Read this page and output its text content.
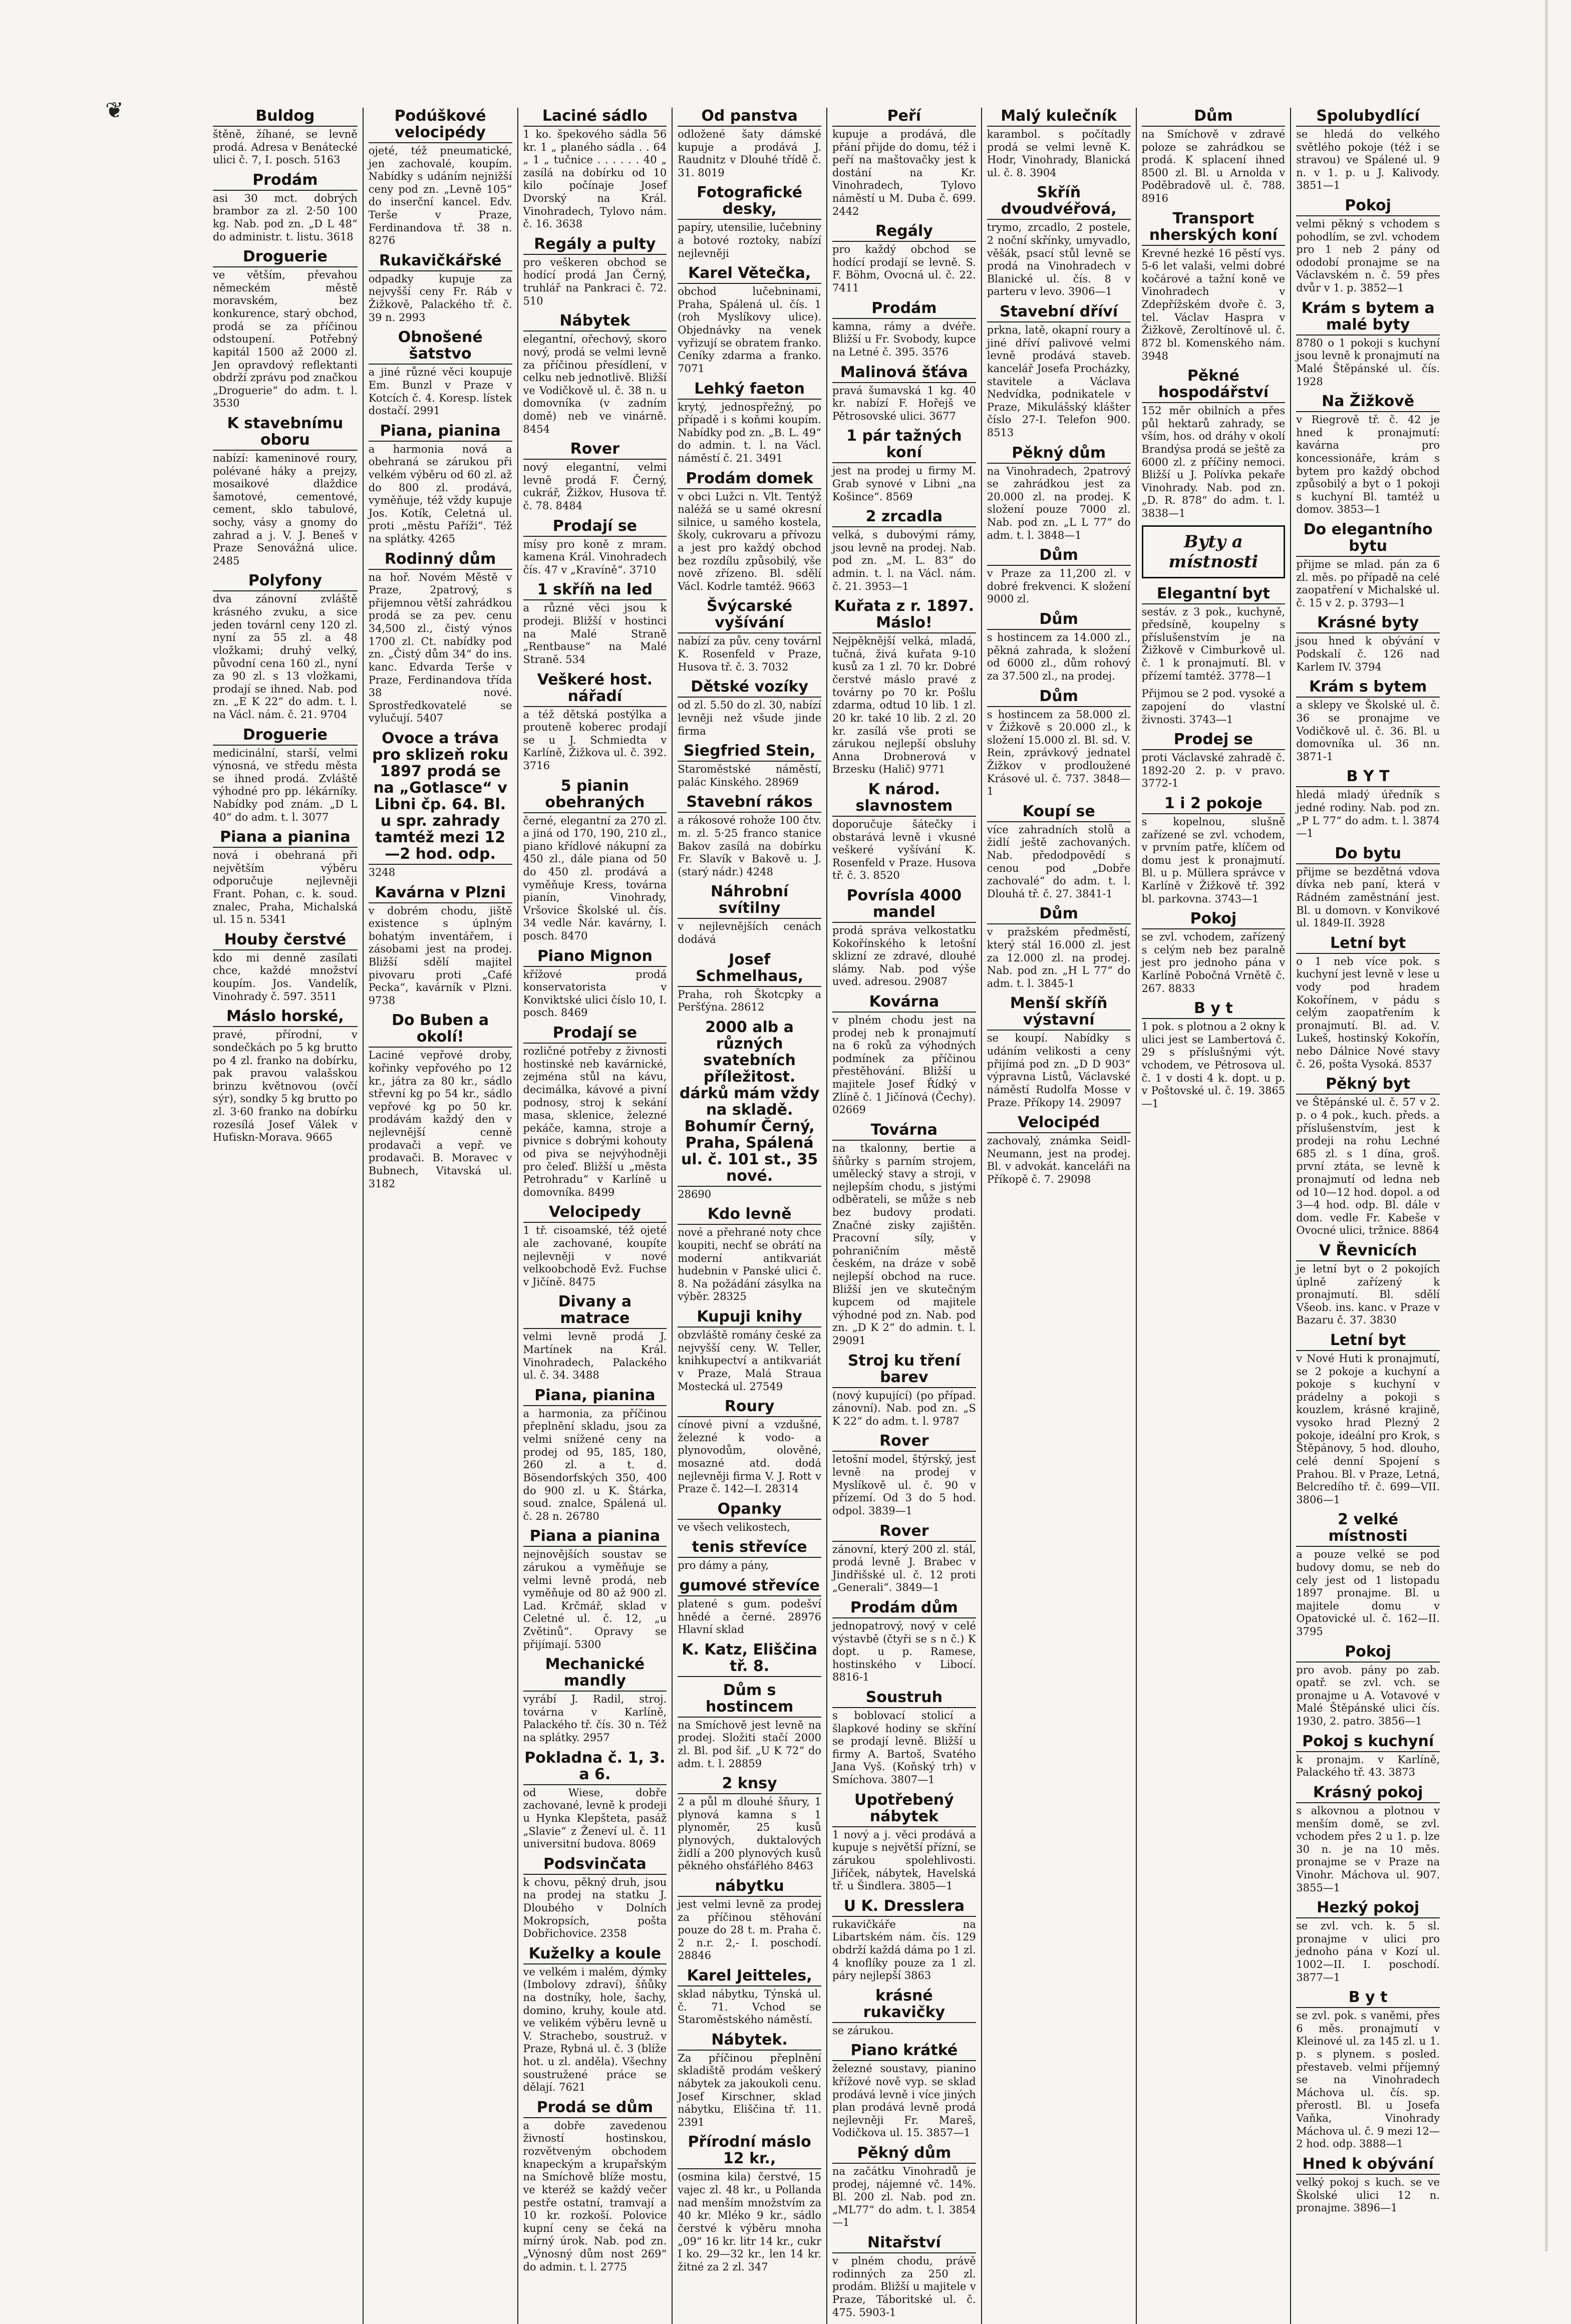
❦	Buldog
štěně, žíhané, se levně prodá. Adresa v Benátecké ulici č. 7, I. posch. 5163
Prodám
asi 30 mct. dobrých brambor za zl. 2·50 100 kg. Nab. pod zn. „D L 48“ do administr. t. listu. 3618
Droguerie
ve větším, převahou německém městě moravském, bez konkurence, starý obchod, prodá se za příčinou odstoupení. Potřebný kapitál 1500 až 2000 zl. Jen opravdový reflektanti obdrží zprávu pod značkou „Droguerie“ do adm. t. l. 3530
K stavebnímu oboru
nabízí: kameninové roury, polévané háky a prejzy, mosaikové dlaždice šamotové, cementové, cement, sklo tabulové, sochy, vásy a gnomy do zahrad a j. V. J. Beneš v Praze Senovážná ulice. 2485
Polyfony
dva zánovní zvláště krásného zvuku, a sice jeden továrnl ceny 120 zl. nyní za 55 zl. a 48 vložkami; druhý velký, původní cena 160 zl., nyní za 90 zl. s 13 vložkami, prodají se ihned. Nab. pod zn. „E K 22“ do adm. t. l. na Václ. nám. č. 21. 9704
Droguerie
medicinální, starší, velmi výnosná, ve středu města se ihned prodá. Zvláště výhodné pro pp. lékárníky. Nabídky pod znám. „D L 40“ do adm. t. l. 3077
Piana a pianina
nová i obehraná při největším výběru odporučuje nejlevněji Frant. Pohan, c. k. soud. znalec, Praha, Michalská ul. 15 n. 5341
Houby čerstvé
kdo mi denně zasílati chce, každé množství koupím. Jos. Vandelík, Vinohrady č. 597. 3511
Máslo horské,
pravé, přírodní, v sondečkách po 5 kg brutto po 4 zl. franko na dobírku, pak pravou valašskou brinzu květnovou (ovčí sýr), sondky 5 kg brutto po zl. 3·60 franko na dobírku rozesílá Josef Válek v Huťiskn-Morava. 9665
Podúškové velocipédy
ojeté, též pneumatické, jen zachovalé, koupím. Nabídky s udáním nejnižší ceny pod zn. „Levně 105“ do inserční kancel. Edv. Terše v Praze, Ferdinandova tř. 38 n. 8276
Rukavičkářské
odpadky kupuje za nejvyšší ceny Fr. Ráb v Žižkově, Palackého tř. č. 39 n. 2993
Obnošené šatstvo
a jiné různé věci koupuje Em. Bunzl v Praze v Kotcích č. 4. Koresp. lístek dostačí. 2991
Piana, pianina
a harmonia nová a obehraná se zárukou při velkém výběru od 60 zl. až do 800 zl. prodává, vyměňuje, též vždy kupuje Jos. Kotík, Celetná ul. proti „městu Paříži“. Též na splátky. 4265
Rodinný dům
na hoř. Novém Městě v Praze, 2patrový, s přijemnou větší zahrádkou prodá se za pev. cenu 34,500 zl., čistý výnos 1700 zl. Ct. nabídky pod zn. „Čistý dům 34“ do ins. kanc. Edvarda Terše v Praze, Ferdinandova třída 38 nové. Sprostředkovatelé se vylučují. 5407
Ovoce a tráva pro sklizeň roku 1897 prodá se na „Gotlasce“ v Libni čp. 64. Bl. u spr. zahrady tamtéž mezi 12—2 hod. odp.
3248
Kavárna v Plzni
v dobrém chodu, jiště existence s úplným bohatým inventářem, i zásobami jest na prodej. Bližší sdělí majitel pivovaru proti „Café Pecka“, kavárník v Plzni. 9738
Do Buben a okolí!
Laciné vepřové droby, kořinky vepřového po 12 kr., játra za 80 kr., sádlo střevní kg po 54 kr., sádlo vepřové kg po 50 kr. prodávám každý den v nejlevnější cenně prodavači a vepř. ve prodavači. B. Moravec v Bubnech, Vitavská ul. 3182
Laciné sádlo
1 ko. špekového sádla 56 kr. 1 „ planého sádla . . 64 „ 1 „ tučnice . . . . . . 40 „ zasílá na dobírku od 10 kilo počínaje Josef Dvorský na Král. Vinohradech, Tylovo nám. č. 16. 3638
Regály a pulty
pro veškeren obchod se hodící prodá Jan Černý, truhlář na Pankraci č. 72. 510
Nábytek
elegantní, ořechový, skoro nový, prodá se velmi levně za příčinou přesídlení, v celku neb jednotlivě. Bližší ve Vodičkově ul. č. 38 n. u domovníka (v zadním domě) neb ve vinárně. 8454
Rover
nový elegantní, velmi levně prodá F. Černý, cukrář, Žižkov, Husova tř. č. 78. 8484
Prodají se
mísy pro koně z mram. kamena Král. Vinohradech čís. 47 v „Kravíně“. 3710
1 skříň na led
a různé věci jsou k prodeji. Bližší v hostinci na Malé Straně „Rentbause“ na Malé Straně. 534
Veškeré host. nářadí
a též dětská postýlka a prouteně koberec prodají se u J. Schmiedta v Karlíně, Žižkova ul. č. 392. 3716
5 pianin obehraných
černé, elegantní za 270 zl. a jiná od 170, 190, 210 zl., piano křídlové nákupní za 450 zl., dále piana od 50 do 450 zl. prodává a vyměňuje Kress, továrna pianín, Vinohrady, Vršovice Školské ul. čís. 34 vedle Nár. kavárny, I. posch. 8470
Piano Mignon
křížové prodá konservatorista v Konviktské ulici číslo 10, I. posch. 8469
Prodají se
rozličné potřeby z živnosti hostinské neb kavárnické, zejména stůl na kávu, decimálka, kávové a pivní podnosy, stroj k sekání masa, sklenice, železné pekáče, kamna, stroje a pivnice s dobrými kohouty od piva se nejvýhodněji pro čeleď. Bližší u „města Petrohradu“ v Karlíně u domovníka. 8499
Velocipedy
1 tř. cisoamské, též ojeté ale zachované, koupíte nejlevněji v nové velkoobchodě Evž. Fuchse v Jičíně. 8475
Divany a matrace
velmi levně prodá J. Martínek na Král. Vinohradech, Palackého ul. č. 34. 3488
Piana, pianina
a harmonia, za příčinou přeplnění skladu, jsou za velmi snížené ceny na prodej od 95, 185, 180, 260 zl. a t. d. Bösendorfských 350, 400 do 900 zl. u K. Štárka, soud. znalce, Spálená ul. č. 28 n. 26780
Piana a pianina
nejnovějších soustav se zárukou a vyměňuje se velmi levně prodá, neb vyměňuje od 80 až 900 zl. Lad. Krčmář, sklad v Celetné ul. č. 12, „u Zvětinů“. Opravy se přijímají. 5300
Mechanické mandly
vyrábí J. Radil, stroj. továrna v Karlíně, Palackého tř. čís. 30 n. Též na splátky. 2957
Pokladna č. 1, 3. a 6.
od Wiese, dobře zachované, levně k prodeji u Hynka Klepšteta, pasáž „Slavie“ z Ženeví ul. č. 11 universitní budova. 8069
Podsvinčata
k chovu, pěkný druh, jsou na prodej na statku J. Dloubého v Dolních Mokropsích, pošta Dobřichovice. 2358
Kuželky a koule
ve velkém i malém, dýmky (Imbolovy zdraví), šňůky na dostníky, hole, šachy, domino, kruhy, koule atd. ve velikém výběru levně u V. Strachebo, soustruž. v Praze, Rybná ul. č. 3 (blíže hot. u zl. anděla). Všechny soustružené práce se dělají. 7621
Prodá se dům
a dobře zavedenou živností hostinskou, rozvětveným obchodem knapeckým a krupařským na Smíchově blíže mostu, ve kteréž se každý večer pestře ostatní, tramvají a 10 kr. rozkoší. Polovice kupní ceny se čeká na mírný úrok. Nab. pod zn. „Výnosný dům nost 269“ do admin. t. l. 2775
Od panstva
odložené šaty dámské kupuje a prodává J. Raudnitz v Dlouhé třídě č. 31. 8019
Fotografické desky,
papíry, utensilie, lučebniny a botové roztoky, nabízí nejlevněji
Karel Větečka,
obchod lučebninami, Praha, Spálená ul. čís. 1 (roh Myslíkovy ulice). Objednávky na venek vyřizují se obratem franko. Ceníky zdarma a franko. 7071
Lehký faeton
krytý, jednospřežný, po případě i s koňmi koupím. Nabídky pod zn. „B. L. 49“ do admin. t. l. na Václ. náměstí č. 21. 3491
Prodám domek
v obci Lužci n. Vlt. Tentýž naléžá se u samé okresní silnice, u samého kostela, školy, cukrovaru a přívozu a jest pro každý obchod bez rozdílu způsobilý, vše nově zřízeno. Bl. sdělí Václ. Kodrle tamtéž. 9663
Švýcarské vyšívání
nabízí za pův. ceny továrnl K. Rosenfeld v Praze, Husova tř. č. 3. 7032
Dětské vozíky
od zl. 5.50 do zl. 30, nabízí levněji než všude jinde firma
Siegfried Stein,
Staroměstské náměstí, palác Kinského. 28969
Stavební rákos
a rákosové rohože 100 čtv. m. zl. 5·25 franco stanice Bakov zasílá na dobírku Fr. Slavík v Bakově u. J. (starý nádr.) 4248
Náhrobní svítilny
v nejlevnějších cenách dodává
Josef Schmelhaus,
Praha, roh Škotcpky a Peršťýna. 28612
2000 alb a různých svatebních příležitost. dárků mám vždy na skladě. Bohumír Černý, Praha, Spálená ul. č. 101 st., 35 nové.
28690
Kdo levně
nové a přehrané noty chce koupiti, nechť se obrátí na moderní antikvariát hudebnin v Panské ulici č. 8. Na požádání zásylka na výběr. 28325
Kupuji knihy
obzvláště romány české za nejvyšší ceny. W. Teller, knihkupectví a antikvariát v Praze, Malá Straua Mostecká ul. 27549
Roury
cínové pivní a vzdušné, železné k vodo- a plynovodům, olověné, mosazné atd. dodá nejlevněji firma V. J. Rott v Praze č. 142—I. 28314
Opanky
ve všech velikostech,
tenis střevíce
pro dámy a pány,
gumové střevíce
platené s gum. podešví hnědé a černé. 28976 Hlavní sklad
K. Katz, Eliščina tř. 8.
Dům s hostincem
na Smíchově jest levně na prodej. Složiti stačí 2000 zl. Bl. pod šif. „U K 72“ do adm. t. l. 28859
2 knsy
2 a půl m dlouhé šňury, 1 plynová kamna s 1 plynoměr, 25 kusů plynových, duktalových židlí a 200 plynových kusů pěkného ohsťářlého 8463
nábytku
jest velmi levně za prodej za příčinou stěhování pouze do 28 t. m. Praha č. 2 n.r. 2,- I. poschodí. 28846
Karel Jeitteles,
sklad nábytku, Týnská ul. č. 71. Vchod se Staroměstského náměstí.
Nábytek.
Za příčinou přeplnění skladiště prodám veškerý nábytek za jakoukoli cenu. Josef Kirschner, sklad nábytku, Eliščina tř. 11. 2391
Přírodní máslo 12 kr.,
(osmina kila) čerstvé, 15 vajec zl. 48 kr., u Pollanda nad menším množstvím za 40 kr. Mléko 9 kr., sádlo čerstvé k výběru mnoha „09“ 16 kr. litr 14 kr., cukr I ko. 29—32 kr., len 14 kr. žitné za 2 zl. 347
Peří
kupuje a prodává, dle přání přijde do domu, též i peří na maštovačky jest k dostání na Kr. Vinohradech, Tylovo náměstí u M. Duba č. 699. 2442
Regály
pro každý obchod se hodící prodají se levně. S. F. Böhm, Ovocná ul. č. 22. 7411
Prodám
kamna, rámy a dvéře. Bližší u Fr. Svobody, kupce na Letné č. 395. 3576
Malinová šťáva
pravá šumavská 1 kg. 40 kr. nabízí F. Hořejš ve Pětrosovské ulici. 3677
1 pár tažných koní
jest na prodej u firmy M. Grab synové v Libni „na Košince“. 8569
2 zrcadla
velká, s dubovými rámy, jsou levně na prodej. Nab. pod zn. „M. L. 83“ do admin. t. l. na Václ. nám. č. 21. 3953—1
Kuřata z r. 1897. Máslo!
Nejpěknější velká, mladá, tučná, živá kuřata 9-10 kusů za 1 zl. 70 kr. Dobré čerstvé máslo pravé z továrny po 70 kr. Pošlu zdarma, odtud 10 lib. 1 zl. 20 kr. také 10 lib. 2 zl. 20 kr. zasílá vše proti se zárukou nejlepší obsluhy Anna Drobnerová v Brzesku (Halič) 9771
K národ. slavnostem
doporučuje šátečky i obstarává levně i vkusné veškeré vyšívání K. Rosenfeld v Praze. Husova tř. č. 3. 8520
Povrísla 4000 mandel
prodá správa velkostatku Kokořínského k letošní sklizní ze zdravé, dlouhé slámy. Nab. pod výše uved. adresou. 29087
Kovárna
v plném chodu jest na prodej neb k pronajmutí na 6 roků za výhodných podmínek za příčinou přestěhování. Bližší u majitele Josef Řídký v Zlíně č. 1 Jičínová (Čechy). 02669
Továrna
na tkalonny, bertie a šňůrky s parním strojem, umělecký stavy a stroji, v nejlepším chodu, s jistými odběrateli, se může s neb bez budovy prodati. Značné zisky zajištěn. Pracovní síly, v pohraničním městě českém, na dráze v sobě nejlepší obchod na ruce. Bližší jen ve skutečným kupcem od majitele výhodné pod zn. Nab. pod zn. „D K 2“ do admin. t. l. 29091
Stroj ku tření barev
(nový kupující) (po případ. zánovní). Nab. pod zn. „S K 22“ do adm. t. l. 9787
Rover
letošní model, štýrský, jest levně na prodej v Myslíkově ul. č. 90 v přízemí. Od 3 do 5 hod. odpol. 3839—1
Rover
zánovní, který 200 zl. stál, prodá levně J. Brabec v Jindřišské ul. č. 12 proti „Generali“. 3849—1
Prodám dům
jednopatrový, nový v celé výstavbě (čtyři se s n č.) K dopt. u p. Ramese, hostinského v Libocí. 8816-1
Soustruh
s boblovací stolicí a šlapkové hodiny se skříní se prodají levně. Bližší u firmy A. Bartoš, Svatého Jana Vyš. (Koňský trh) v Smíchova. 3807—1
Upotřebený nábytek
1 nový a j. věci prodává a kupuje s největší přízní, se zárukou spolehlivosti. Jiříček, nábytek, Havelská tř. u Šindlera. 3805—1
U K. Dresslera
rukavičkáře na Libartském nám. čís. 129 obdrží každá dáma po 1 zl. 4 knoflíky pouze za 1 zl. páry nejlepší 3863
krásné rukavičky
se zárukou.
Piano krátké
železné soustavy, pianino křížové nově vyp. se sklad prodává levně i více jiných plan prodává levně prodá nejlevněji Fr. Mareš, Vodičkova ul. 15. 3857—1
Pěkný dům
na začátku Vinohradů je prodej, nájemné vč. 14%. Bl. 200 zl. Nab. pod zn. „ML77“ do adm. t. l. 3854—1
Nitařství
v plném chodu, právě rodinných za 250 zl. prodám. Bližší u majitele v Praze, Táboritské ul. č. 475. 5903-1
Malý kulečník
karambol. s počítadly prodá se velmi levně K. Hodr, Vinohrady, Blanická ul. č. 8. 3904
Skříň dvoudvéřová,
trymo, zrcadlo, 2 postele, 2 noční skřínky, umyvadlo, věšák, psací stůl levně se prodá na Vinohradech v Blanické ul. čís. 8 v parteru v levo. 3906—1
Stavební dříví
prkna, latě, okapní roury a jiné dříví palivové velmi levně prodává staveb. kancelář Josefa Procházky, stavitele a Václava Nedvídka, podnikatele v Praze, Mikulášský klášter číslo 27-I. Telefon 900. 8513
Pěkný dům
na Vinohradech, 2patrový se zahrádkou jest za 20.000 zl. na prodej. K složení pouze 7000 zl. Nab. pod zn. „L L 77“ do adm. t. l. 3848—1
Dům
v Praze za 11,200 zl. v dobré frekvenci. K složení 9000 zl.
Dům
s hostincem za 14.000 zl., pěkná zahrada, k složení od 6000 zl., dům rohový za 37.500 zl., na prodej.
Dům
s hostincem za 58.000 zl. v Žižkově s 20.000 zl., k složení 15.000 zl. Bl. sd. V. Rein, zprávkový jednatel Žižkov v prodloužené Krásové ul. č. 737. 3848—1
Koupí se
více zahradních stolů a židlí ještě zachovaných. Nab. předodpovědí s cenou pod „Dobře zachovalé“ do adm. t. l. Dlouhá tř. č. 27. 3841-1
Dům
v pražském předměstí, který stál 16.000 zl. jest za 12.000 zl. na prodej. Nab. pod zn. „H L 77“ do adm. t. l. 3845-1
Menší skříň výstavní
se koupí. Nabídky s udáním velikosti a ceny přijímá pod zn. „D D 903“ výpravna Listů, Václavské náměstí Rudolfa Mosse v Praze. Příkopy 14. 29097
Velocipéd
zachovalý, známka Seidl-Neumann, jest na prodej. Bl. v advokát. kanceláři na Příkopě č. 7. 29098
Dům
na Smíchově v zdravé poloze se zahrádkou se prodá. K splacení ihned 8500 zl. Bl. u Arnolda v Poděbradově ul. č. 788. 8916
Transport nherských koní
Krevné hezké 16 pěstí vys. 5-6 let valaši, velmi dobré kočárové a tažní koně ve Vinohradech v Zdepřížském dvoře č. 3, tel. Václav Haspra v Žižkově, Zeroltínově ul. č. 872 bl. Komenského nám. 3948
Pěkné hospodářství
152 měr obilních a přes půl hektarů zahrady, se vším, hos. od dráhy v okolí Brandýsa prodá se ještě za 6000 zl. z příčiny nemoci. Bližší u J. Polívka pekaře Vinohrady. Nab. pod zn. „D. R. 878“ do adm. t. l. 3838—1
Byty a místnosti
Elegantní byt
sestáv. z 3 pok., kuchyně, předsíně, koupelny s příslušenstvím je na Žižkově v Cimburkově ul. č. 1 k pronajmutí. Bl. v přízemí tamtéž. 3778—1
Přijmou se 2 pod. vysoké a zapojení do vlastní živnosti. 3743—1
Prodej se
proti Václavské zahradě č. 1892-20 2. p. v pravo. 3772-1
1 i 2 pokoje
s kopelnou, slušně zařízené se zvl. vchodem, v prvním patře, klíčem od domu jest k pronajmutí. Bl. u p. Müllera správce v Karlíně v Žižkově tř. 392 bl. parkovna. 3743—1
Pokoj
se zvl. vchodem, zařízený s celým neb bez paralně jest pro jednoho pána v Karlíně Pobočná Vrnětě č. 267. 8833
B y t
1 pok. s plotnou a 2 okny k ulici jest se Lambertová č. 29 s příslušnými výt. vchodem, ve Pétrosova ul. č. 1 v dosti 4 k. dopt. u p. v Poštovské ul. č. 19. 3865—1
Spolubydlící
se hledá do velkého světlého pokoje (též i se stravou) ve Spálené ul. 9 n. v 1. p. u J. Kalivody. 3851—1
Pokoj
velmi pěkný s vchodem s pohodlím, se zvl. vchodem pro 1 neb 2 pány od ododobí pronajme se na Václavském n. č. 59 přes dvůr v 1. p. 3852—1
Krám s bytem a malé byty
8780 o 1 pokoji s kuchyní jsou levně k pronajmutí na Malé Štěpánské ul. čís. 1928
Na Žižkově
v Riegrově tř. č. 42 je hned k pronajmutí: kavárna pro koncessionáře, krám s bytem pro každý obchod způsobilý a byt o 1 pokoji s kuchyní Bl. tamtéž u domov. 3853—1
Do elegantního bytu
přijme se mlad. pán za 6 zl. měs. po případě na celé zaopatření v Michalské ul. č. 15 v 2. p. 3793—1
Krásné byty
jsou hned k obývání v Podskalí č. 126 nad Karlem IV. 3794
Krám s bytem
a sklepy ve Školské ul. č. 36 se pronajme ve Vodičkově ul. č. 36. Bl. u domovníka ul. 36 nn. 3871-1
B Y T
hledá mladý úředník s jedné rodiny. Nab. pod zn. „P L 77“ do adm. t. l. 3874—1
Do bytu
přijme se bezdětná vdova dívka neb paní, která v Rádném zaměstnání jest. Bl. u domovn. v Konvikové ul. 1849-II. 3928
Letní byt
o 1 neb více pok. s kuchyní jest levně v lese u vody pod hradem Kokořínem, v pádu s celým zaopatřením k pronajmutí. Bl. ad. V. Lukeš, hostinský Kokořín, nebo Dálnice Nové stavy č. 26, pošta Vysoká. 8537
Pěkný byt
ve Štěpánské ul. č. 57 v 2. p. o 4 pok., kuch. předs. a příslušenstvím, jest k prodeji na rohu Lechné 685 zl. s 1 dína, groš. první ztáta, se levně k pronajmutí od ledna neb od 10—12 hod. dopol. a od 3—4 hod. odp. Bl. dále v dom. vedle Fr. Kabeše v Ovocné ulici, tržnice. 8864
V Řevnicích
je letní byt o 2 pokojích úplně zařízený k pronajmutí. Bl. sdělí Všeob. ins. kanc. v Praze v Bazaru č. 37. 3830
Letní byt
v Nové Huti k pronajmutí, se 2 pokoje a kuchyní a pokoje s kuchyní v prádelny a pokoji s kouzlem, krásné krajině, vysoko hrad Plezný 2 pokoje, ideální pro Krok, s Štěpánovy, 5 hod. dlouho, celé denní Spojení s Prahou. Bl. v Praze, Letná, Belcredího tř. č. 699—VII. 3806—1
2 velké místnosti
a pouze velké se pod budovy domu, se neb do cely jest od 1 listopadu 1897 pronajme. Bl. u majitele domu v Opatovické ul. č. 162—II. 3795
Pokoj
pro avob. pány po zab. opatř. se zvl. vch. se pronajme u A. Votavové v Malé Štěpánské ulici čís. 1930, 2. patro. 3856—1
Pokoj s kuchyní
k pronajm. v Karlíně, Palackého tř. 43. 3873
Krásný pokoj
s alkovnou a plotnou v menším domě, se zvl. vchodem přes 2 u 1. p. lze 30 n. je na 10 měs. pronajme se v Praze na Vinohr. Máchova ul. 907. 3855—1
Hezký pokoj
se zvl. vch. k. 5 sl. pronajme v ulici pro jednoho pána v Kozí ul. 1002—II. I. poschodí. 3877—1
B y t
se zvl. pok. s vaněmi, přes 6 měs. pronajmutí v Kleinové ul. za 145 zl. u 1. p. s plynem. s posled. přestaveb. velmi příjemný se na Vinohradech Máchova ul. čís. sp. přerostl. Bl. u Josefa Vaňka, Vinohrady Máchova ul. č. 9 mezi 12—2 hod. odp. 3888—1
Hned k obývání
velký pokoj s kuch. se ve Školské ulici 12 n. pronajme. 3896—1
